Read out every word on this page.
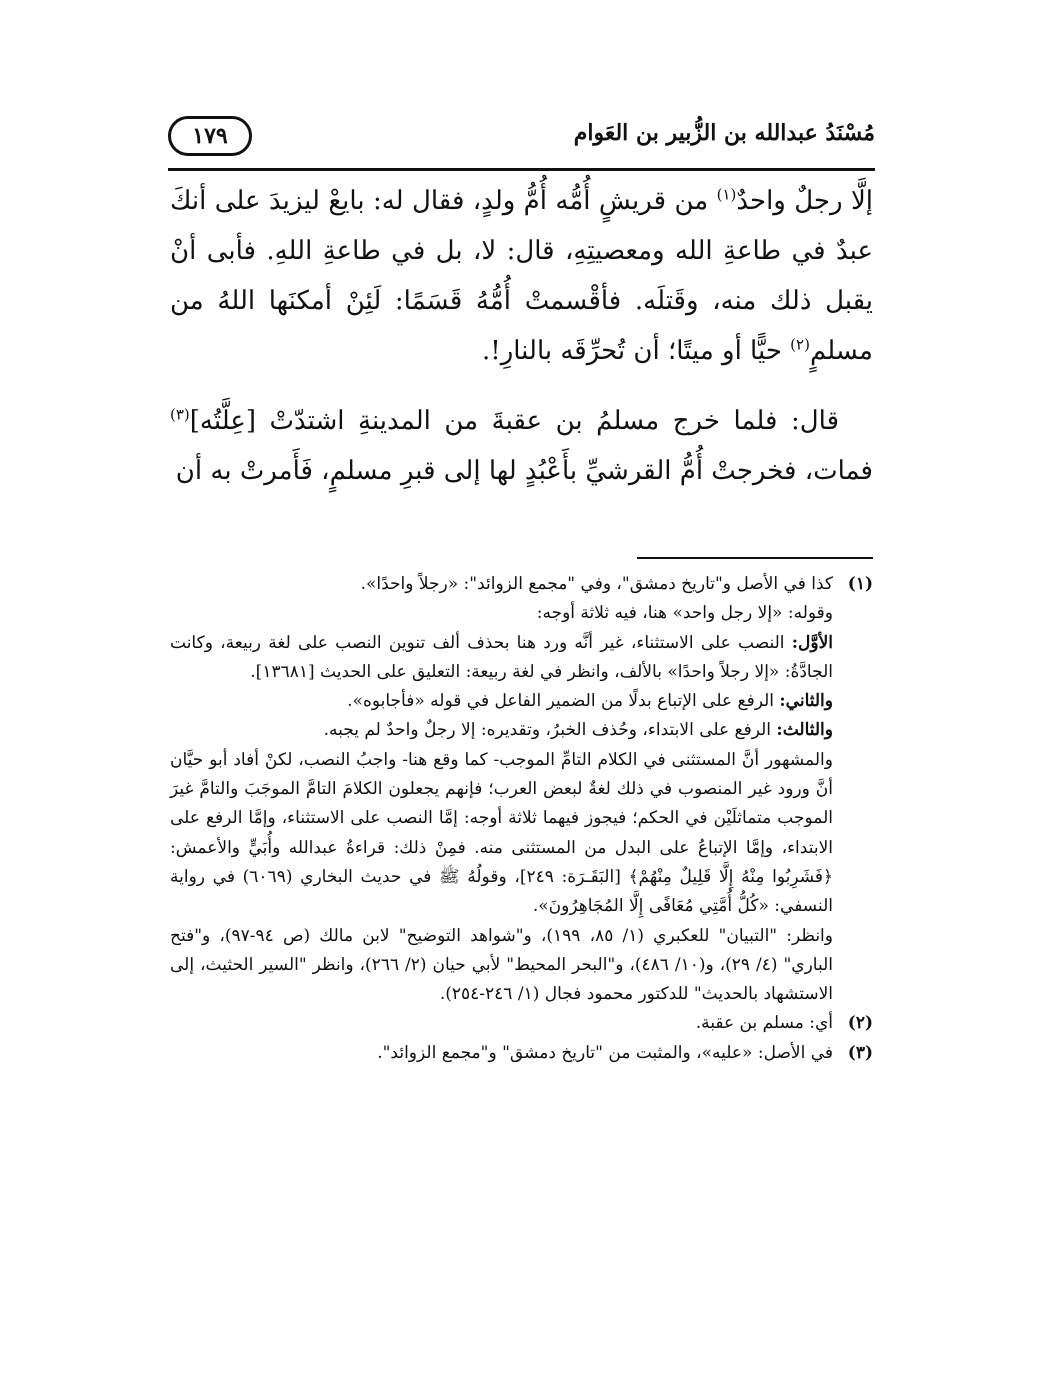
مُسْنَدُ عبدالله بن الزُّبير بن العَوام
١٧٩

إلَّا رجلٌ واحدٌ$^{(١)}$ من قريشٍ أُمُّه أُمُّ ولدٍ، فقال له: بايعْ ليزيدَ على أنكَ عبدٌ في طاعةِ الله ومعصيتِهِ، قال: لا، بل في طاعةِ اللهِ. فأبى أنْ يقبل ذلك منه، وقَتلَه. فأقْسمتْ أُمُّهُ قَسَمًا: لَئِنْ أمكنَها اللهُ من مسلمٍ$^{(٢)}$ حيًّا أو ميتًا؛ أن تُحرِّقَه بالنارِ!.

قال: فلما خرج مسلمُ بن عقبةَ من المدينةِ اشتدّتْ [عِلَّتُه]$^{(٣)}$ فمات، فخرجتْ أُمُّ القرشيِّ بأَعْبُدٍ لها إلى قبرِ مسلمٍ، فَأَمرتْ به أن

(١)

كذا في الأصل و"تاريخ دمشق"، وفي "مجمع الزوائد": «رجلاً واحدًا».

وقوله: «إلا رجل واحد» هنا، فيه ثلاثة أوجه:

الأوَّل: النصب على الاستثناء، غير أنَّه ورد هنا بحذف ألف تنوين النصب على لغة ربيعة، وكانت الجادَّةُ: «إلا رجلاً واحدًا» بالألف، وانظر في لغة ربيعة: التعليق على الحديث [١٣٦٨١].

والثاني: الرفع على الإتباع بدلًا من الضمير الفاعل في قوله «فأجابوه».

والثالث: الرفع على الابتداء، وحُذف الخبرُ، وتقديره: إلا رجلٌ واحدٌ لم يجبه.

والمشهور أنَّ المستثنى في الكلام التامِّ الموجب- كما وقع هنا- واجبُ النصب، لكنْ أفاد أبو حيَّان أنَّ ورود غير المنصوب في ذلك لغةٌ لبعض العرب؛ فإنهم يجعلون الكلامَ التامَّ الموجَبَ والتامَّ غيرَ الموجب متماثلَيْن في الحكم؛ فيجوز فيهما ثلاثة أوجه: إمَّا النصب على الاستثناء، وإمَّا الرفع على الابتداء، وإمَّا الإتباعُ على البدل من المستثنى منه. فمِنْ ذلك: قراءةُ عبدالله وأُبَيٍّ والأعمش: ﴿فَشَرِبُوا مِنْهُ إِلَّا قَلِيلٌ مِنْهُمْ﴾ [البَقَـرَة: ٢٤٩]، وقولُهُ ﷺ في حديث البخاري (٦٠٦٩) في رواية النسفي: «كُلُّ أُمَّتِي مُعَافًى إِلَّا المُجَاهِرُونَ».

وانظر: "التبيان" للعكبري (١/ ٨٥، ١٩٩)، و"شواهد التوضيح" لابن مالك (ص ٩٤-٩٧)، و"فتح الباري" (٤/ ٢٩)، و(١٠/ ٤٨٦)، و"البحر المحيط" لأبي حيان (٢/ ٢٦٦)، وانظر "السير الحثيث، إلى الاستشهاد بالحديث" للدكتور محمود فجال (١/ ٢٤٦-٢٥٤).

(٢)

أي: مسلم بن عقبة.

(٣)

في الأصل: «عليه»، والمثبت من "تاريخ دمشق" و"مجمع الزوائد".
